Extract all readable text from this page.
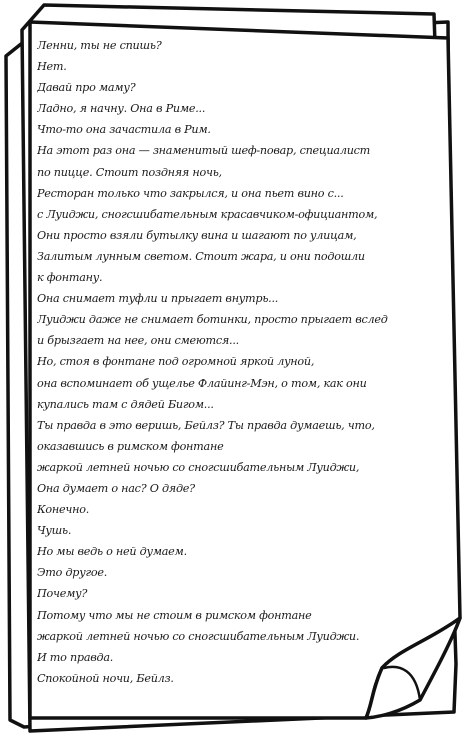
Ленни, ты не спишь?
Нет.
Давай про маму?
Ладно, я начну. Она в Риме...
Что-то она зачастила в Рим.
На этот раз она — знаменитый шеф-повар, специалист
по пицце. Стоит поздняя ночь,
Ресторан только что закрылся, и она пьет вино с...
с Луиджи, сногсшибательным красавчиком-официантом,
Они просто взяли бутылку вина и шагают по улицам,
Залитым лунным светом. Стоит жара, и они подошли
к фонтану.
Она снимает туфли и прыгает внутрь...
Луиджи даже не снимает ботинки, просто прыгает вслед
и брызгает на нее, они смеются...
Но, стоя в фонтане под огромной яркой луной,
она вспоминает об ущелье Флайинг-Мэн, о том, как они
купались там с дядей Бигом...
Ты правда в это веришь, Бейлз? Ты правда думаешь, что,
оказавшись в римском фонтане
жаркой летней ночью со сногсшибательным Луиджи,
Она думает о нас? О дяде?
Конечно.
Чушь.
Но мы ведь о ней думаем.
Это другое.
Почему?
Потому что мы не стоим в римском фонтане
жаркой летней ночью со сногсшибательным Луиджи.
И то правда.
Спокойной ночи, Бейлз.
